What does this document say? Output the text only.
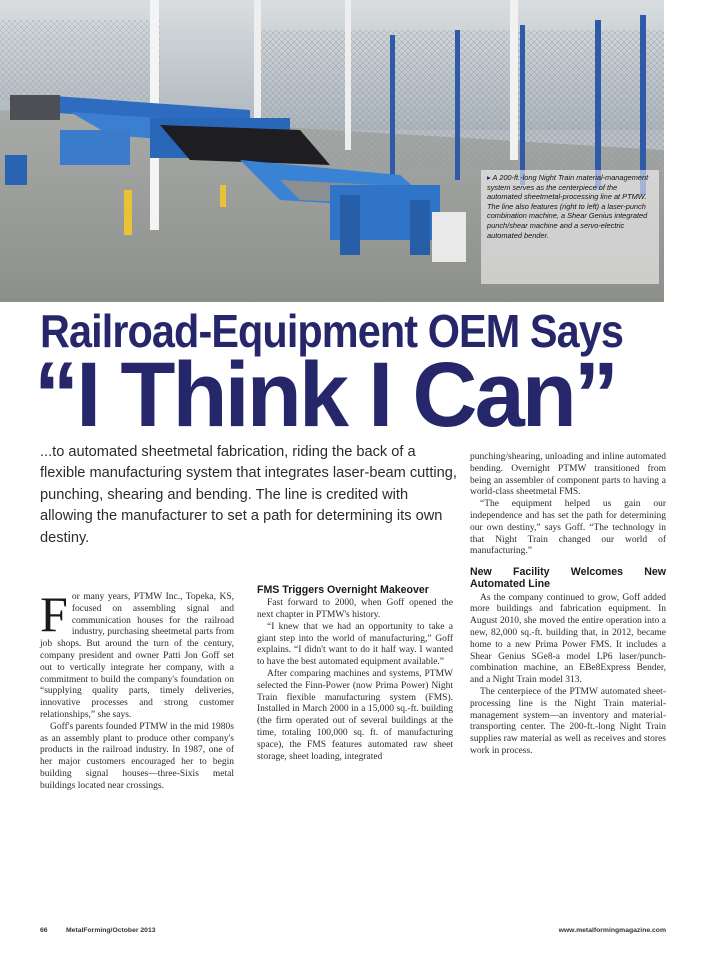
▸ A 200-ft.-long Night Train material-management system serves as the centerpiece of the automated sheetmetal-processing line at PTMW. The line also features (right to left) a laser-punch combination machine, a Shear Genius integrated punch/shear machine and a servo-electric automated bender.
Railroad-Equipment OEM Says
“I Think I Can”
...to automated sheetmetal fabrication, riding the back of a flexible manufacturing system that integrates laser-beam cutting, punching, shearing and bending. The line is credited with allowing the manufacturer to set a path for determining its own destiny.

For many years, PTMW Inc., Topeka, KS, focused on assembling signal and communication houses for the railroad industry, purchasing sheetmetal parts from job shops. But around the turn of the century, company president and owner Patti Jon Goff set out to vertically integrate her company, with a commitment to build the company's foundation on “supplying quality parts, timely deliveries, innovative processes and strong customer relationships,” she says.

Goff's parents founded PTMW in the mid 1980s as an assembly plant to produce other company's products in the railroad industry. In 1987, one of her major customers encouraged her to begin building signal houses—three-Sixis metal buildings located near crossings.

FMS Triggers Overnight Makeover

Fast forward to 2000, when Goff opened the next chapter in PTMW's history.

“I knew that we had an opportunity to take a giant step into the world of manufacturing,” Goff explains. “I didn't want to do it half way. I wanted to have the best automated equipment available.”

After comparing machines and systems, PTMW selected the Finn-Power (now Prima Power) Night Train flexible manufacturing system (FMS). Installed in March 2000 in a 15,000 sq.-ft. building (the firm operated out of several buildings at the time, totaling 100,000 sq. ft. of manufacturing space), the FMS features automated raw sheet storage, sheet loading, integrated

punching/shearing, unloading and inline automated bending. Overnight PTMW transitioned from being an assembler of component parts to having a world-class sheetmetal FMS.

“The equipment helped us gain our independence and has set the path for determining our own destiny,” says Goff. “The technology in that Night Train changed our world of manufacturing.”

New Facility Welcomes New Automated Line

As the company continued to grow, Goff added more buildings and fabrication equipment. In August 2010, she moved the entire operation into a new, 82,000 sq.-ft. building that, in 2012, became home to a new Prima Power FMS. It includes a Shear Genius SGe8-a model LP6 laser/punch-combination machine, an EBe8Express Bender, and a Night Train model 313.

The centerpiece of the PTMW automated sheet-processing line is the Night Train material-management system—an inventory and material-transporting center. The 200-ft.-long Night Train supplies raw material as well as receives and stores work in process.

66	MetalForming/October 2013	www.metalformingmagazine.com
